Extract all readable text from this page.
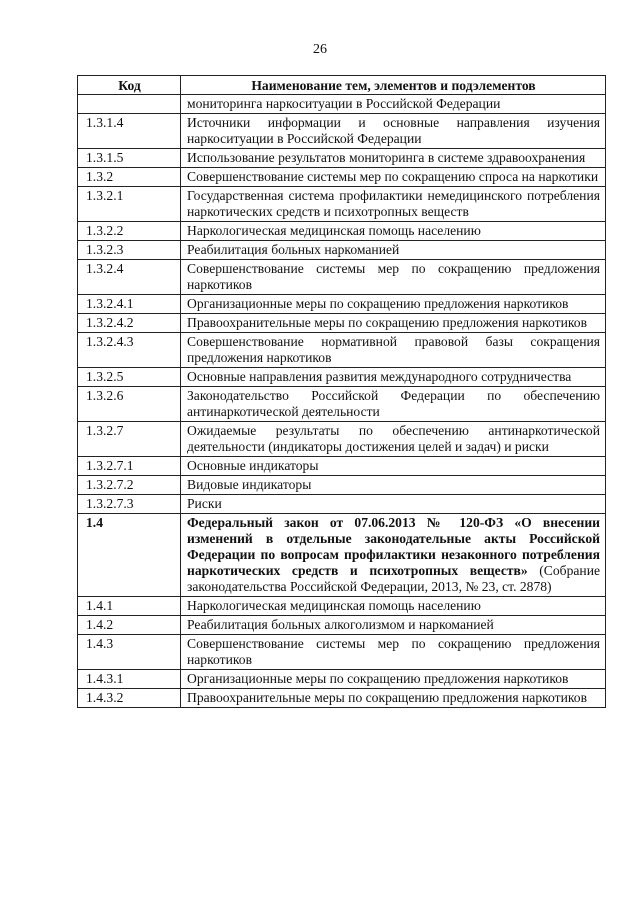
26
Код	Наименование тем, элементов и подэлементов
	мониторинга наркоситуации в Российской Федерации
1.3.1.4	Источники информации и основные направления изучения наркоситуации в Российской Федерации
1.3.1.5	Использование результатов мониторинга в системе здравоохранения
1.3.2	Совершенствование системы мер по сокращению спроса на наркотики
1.3.2.1	Государственная система профилактики немедицинского потребления наркотических средств и психотропных веществ
1.3.2.2	Наркологическая медицинская помощь населению
1.3.2.3	Реабилитация больных наркоманией
1.3.2.4	Совершенствование системы мер по сокращению предложения наркотиков
1.3.2.4.1	Организационные меры по сокращению предложения наркотиков
1.3.2.4.2	Правоохранительные меры по сокращению предложения наркотиков
1.3.2.4.3	Совершенствование нормативной правовой базы сокращения предложения наркотиков
1.3.2.5	Основные направления развития международного сотрудничества
1.3.2.6	Законодательство Российской Федерации по обеспечению антинаркотической деятельности
1.3.2.7	Ожидаемые результаты по обеспечению антинаркотической деятельности (индикаторы достижения целей и задач) и риски
1.3.2.7.1	Основные индикаторы
1.3.2.7.2	Видовые индикаторы
1.3.2.7.3	Риски
1.4	Федеральный закон от 07.06.2013 № 120-ФЗ «О внесении изменений в отдельные законодательные акты Российской Федерации по вопросам профилактики незаконного потребления наркотических средств и психотропных веществ» (Собрание законодательства Российской Федерации, 2013, № 23, ст. 2878)
1.4.1	Наркологическая медицинская помощь населению
1.4.2	Реабилитация больных алкоголизмом и наркоманией
1.4.3	Совершенствование системы мер по сокращению предложения наркотиков
1.4.3.1	Организационные меры по сокращению предложения наркотиков
1.4.3.2	Правоохранительные меры по сокращению предложения наркотиков
